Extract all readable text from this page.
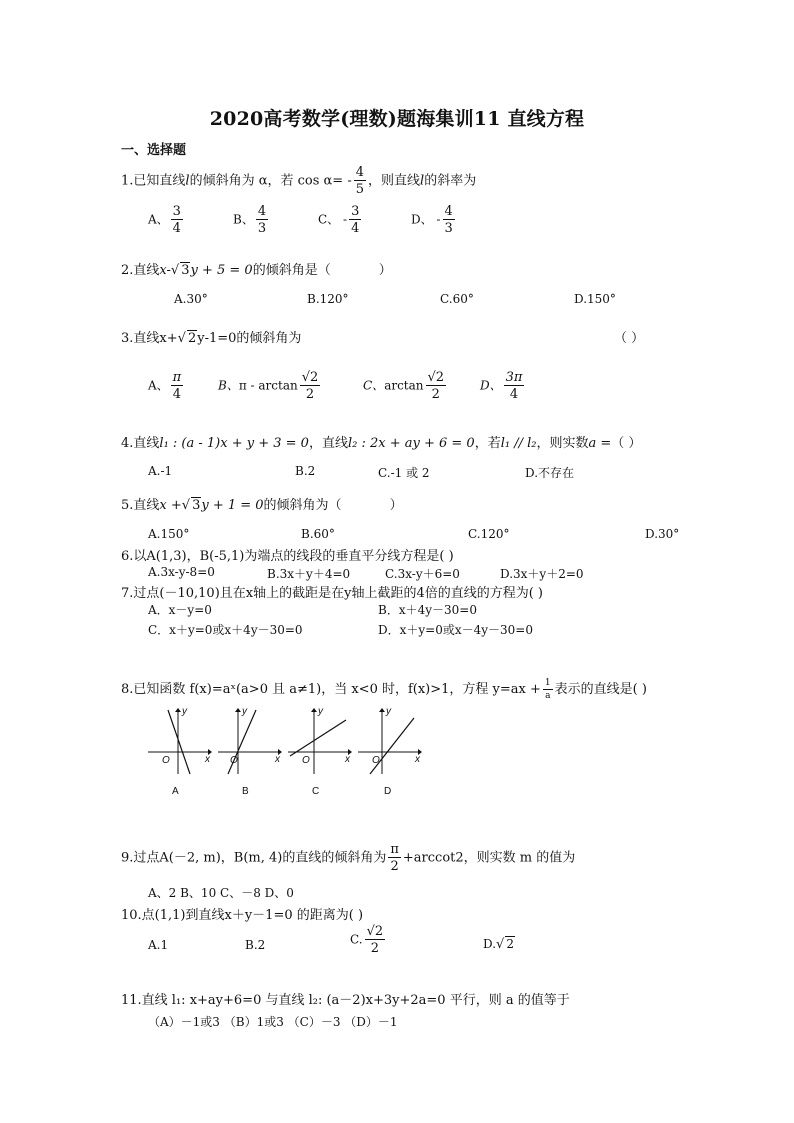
2020高考数学(理数)题海集训11 直线方程
一、选择题
1.已知直线l的倾斜角为 α，若 $\cos \alpha= - \frac{4}{5}$ ，则直线l的斜率为
A、 $\frac{3}{4}$	B、 $\frac{4}{3}$	C、 - $\frac{3}{4}$	D、 - $\frac{4}{3}$
2.直线x-√ 3y + 5 = 0的倾斜角是（	）
A.30°	B.120°	C.60°	D.150°
3.直线x+√ 2y-1=0的倾斜角为	（ ）
A、 $\frac{\pi}{4}$	B、π - $\arctan \frac{√2}{2}$	C、$\arctan \frac{√2}{2}$	D、 $\frac{3\pi}{4}$
4.直线l₁ : (a - 1)x + y + 3 = 0，直线l₂ : 2x + ay + 6 = 0，若l₁ // l₂，则实数a =（ ）
A.-1	B.2	C.-1 或 2	D.不存在
5.直线x +√ 3y + 1 = 0的倾斜角为（	）
A.150°	B.60°	C.120°	D.30°
6.以A(1,3)，B(-5,1)为端点的线段的垂直平分线方程是( )
A.3x-y-8=0	B.3x＋y＋4=0	C.3x-y＋6=0	D.3x＋y＋2=0
7.过点(－10,10)且在x轴上的截距是在y轴上截距的4倍的直线的方程为( )
A．x－y=0	B．x＋4y－30=0
C．x＋y=0或x＋4y－30=0	D．x＋y=0或x－4y－30=0
8.已知函数 f(x)=aˣ(a>0 且 a≠1)，当 x<0 时，f(x)>1，方程 $y=ax + \frac{1}{a}$ 表示的直线是( )
y
x
O
A
y
x
O
B
y
x
O
C
y
x
O
D
9.过点A(－2, m)，B(m, 4)的直线的倾斜角为 $\frac{\pi}{2} +arccot2$，则实数 m 的值为
A、2 B、10 C、－8 D、0
10.点(1,1)到直线x＋y－1=0 的距离为( )
A.1	B.2	C. $\frac{√2}{2}$	D.√ 2
11.直线 l₁: x+ay+6=0 与直线 l₂: (a－2)x+3y+2a=0 平行，则 a 的值等于
（A）－1或3 （B）1或3 （C）－3 （D）－1
